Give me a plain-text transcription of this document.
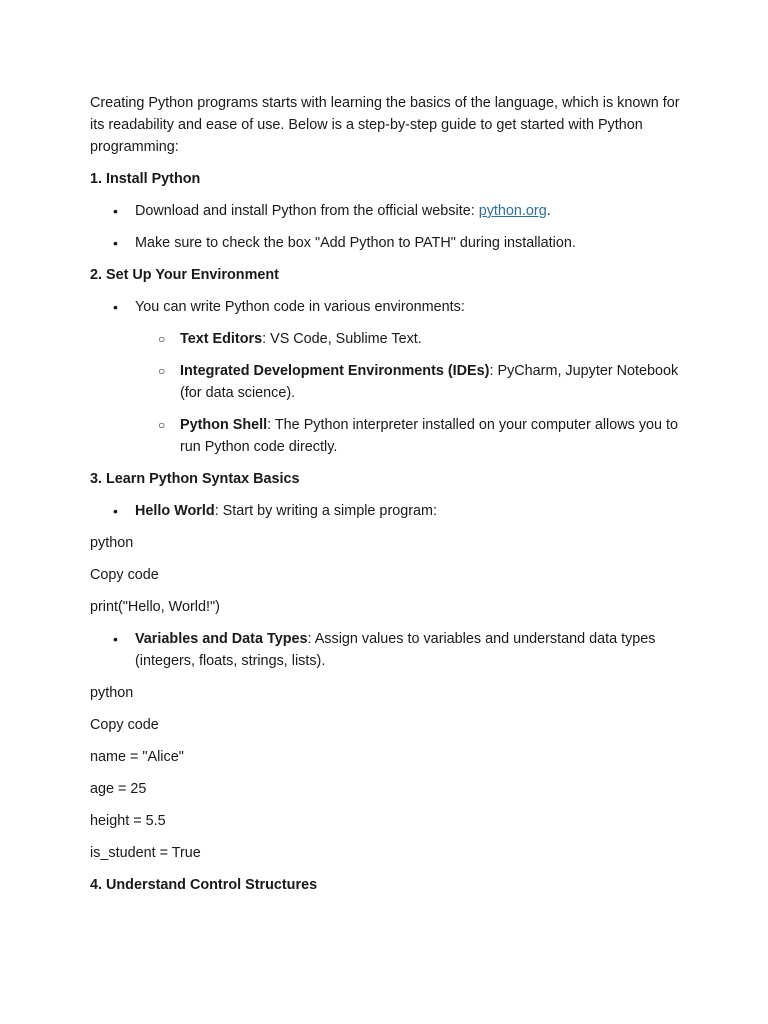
Creating Python programs starts with learning the basics of the language, which is known for its readability and ease of use. Below is a step-by-step guide to get started with Python programming:

1. Install Python

• Download and install Python from the official website: python.org.
• Make sure to check the box "Add Python to PATH" during installation.

2. Set Up Your Environment

• You can write Python code in various environments:
○ Text Editors: VS Code, Sublime Text.
○ Integrated Development Environments (IDEs): PyCharm, Jupyter Notebook (for data science).
○ Python Shell: The Python interpreter installed on your computer allows you to run Python code directly.

3. Learn Python Syntax Basics

• Hello World: Start by writing a simple program:

python

Copy code

print("Hello, World!")

• Variables and Data Types: Assign values to variables and understand data types (integers, floats, strings, lists).

python

Copy code

name = "Alice"

age = 25

height = 5.5

is_student = True

4. Understand Control Structures
